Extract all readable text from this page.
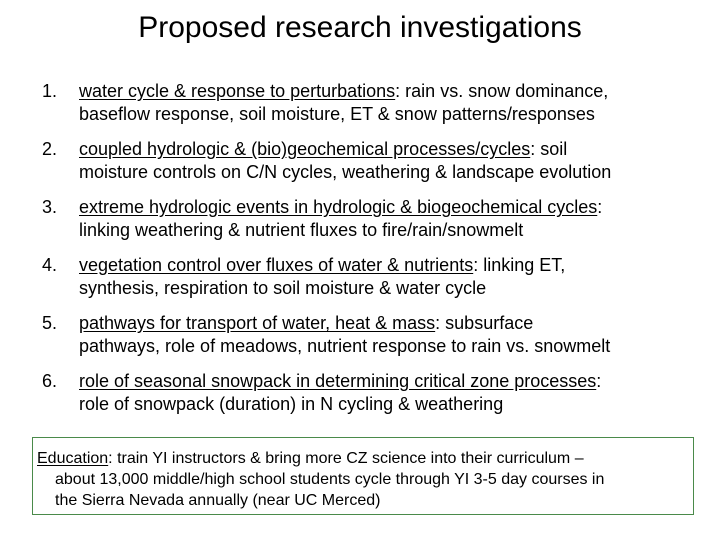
Proposed research investigations
1. water cycle & response to perturbations: rain vs. snow dominance,
baseflow response, soil moisture, ET & snow patterns/responses
2. coupled hydrologic & (bio)geochemical processes/cycles: soil
moisture controls on C/N cycles, weathering & landscape evolution
3. extreme hydrologic events in hydrologic & biogeochemical cycles:
linking weathering & nutrient fluxes to fire/rain/snowmelt
4. vegetation control over fluxes of water & nutrients: linking ET,
synthesis, respiration to soil moisture & water cycle
5. pathways for transport of water, heat & mass: subsurface
pathways, role of meadows, nutrient response to rain vs. snowmelt
6. role of seasonal snowpack in determining critical zone processes:
role of snowpack (duration) in N cycling & weathering
Education: train YI instructors & bring more CZ science into their curriculum –
about 13,000 middle/high school students cycle through YI 3-5 day courses in
the Sierra Nevada annually (near UC Merced)
